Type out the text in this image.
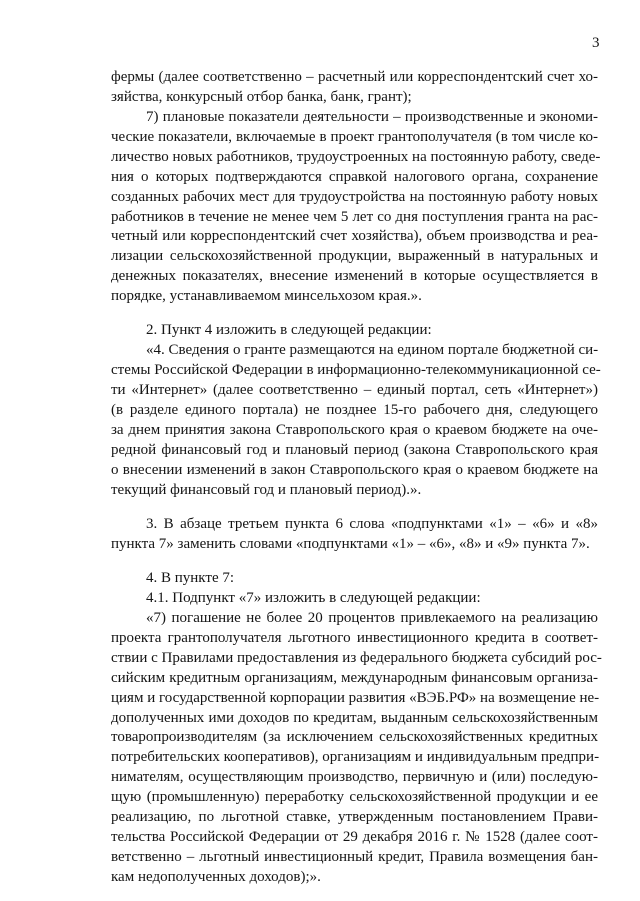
3
фермы (далее соответственно – расчетный или корреспондентский счет хо-
зяйства, конкурсный отбор банка, банк, грант);
7) плановые показатели деятельности – производственные и экономи-
ческие показатели, включаемые в проект грантополучателя (в том числе ко-
личество новых работников, трудоустроенных на постоянную работу, сведе-
ния о которых подтверждаются справкой налогового органа, сохранение
созданных рабочих мест для трудоустройства на постоянную работу новых
работников в течение не менее чем 5 лет со дня поступления гранта на рас-
четный или корреспондентский счет хозяйства), объем производства и реа-
лизации сельскохозяйственной продукции, выраженный в натуральных и
денежных показателях, внесение изменений в которые осуществляется в
порядке, устанавливаемом минсельхозом края.».
2. Пункт 4 изложить в следующей редакции:
«4. Сведения о гранте размещаются на едином портале бюджетной си-
стемы Российской Федерации в информационно-телекоммуникационной се-
ти «Интернет» (далее соответственно – единый портал, сеть «Интернет»)
(в разделе единого портала) не позднее 15-го рабочего дня, следующего
за днем принятия закона Ставропольского края о краевом бюджете на оче-
редной финансовый год и плановый период (закона Ставропольского края
о внесении изменений в закон Ставропольского края о краевом бюджете на
текущий финансовый год и плановый период).».
3. В абзаце третьем пункта 6 слова «подпунктами «1» – «6» и «8»
пункта 7» заменить словами «подпунктами «1» – «6», «8» и «9» пункта 7».
4. В пункте 7:
4.1. Подпункт «7» изложить в следующей редакции:
«7) погашение не более 20 процентов привлекаемого на реализацию
проекта грантополучателя льготного инвестиционного кредита в соответ-
ствии с Правилами предоставления из федерального бюджета субсидий рос-
сийским кредитным организациям, международным финансовым организа-
циям и государственной корпорации развития «ВЭБ.РФ» на возмещение не-
дополученных ими доходов по кредитам, выданным сельскохозяйственным
товаропроизводителям (за исключением сельскохозяйственных кредитных
потребительских кооперативов), организациям и индивидуальным предпри-
нимателям, осуществляющим производство, первичную и (или) последую-
щую (промышленную) переработку сельскохозяйственной продукции и ее
реализацию, по льготной ставке, утвержденным постановлением Прави-
тельства Российской Федерации от 29 декабря 2016 г. № 1528 (далее соот-
ветственно – льготный инвестиционный кредит, Правила возмещения бан-
кам недополученных доходов);».
